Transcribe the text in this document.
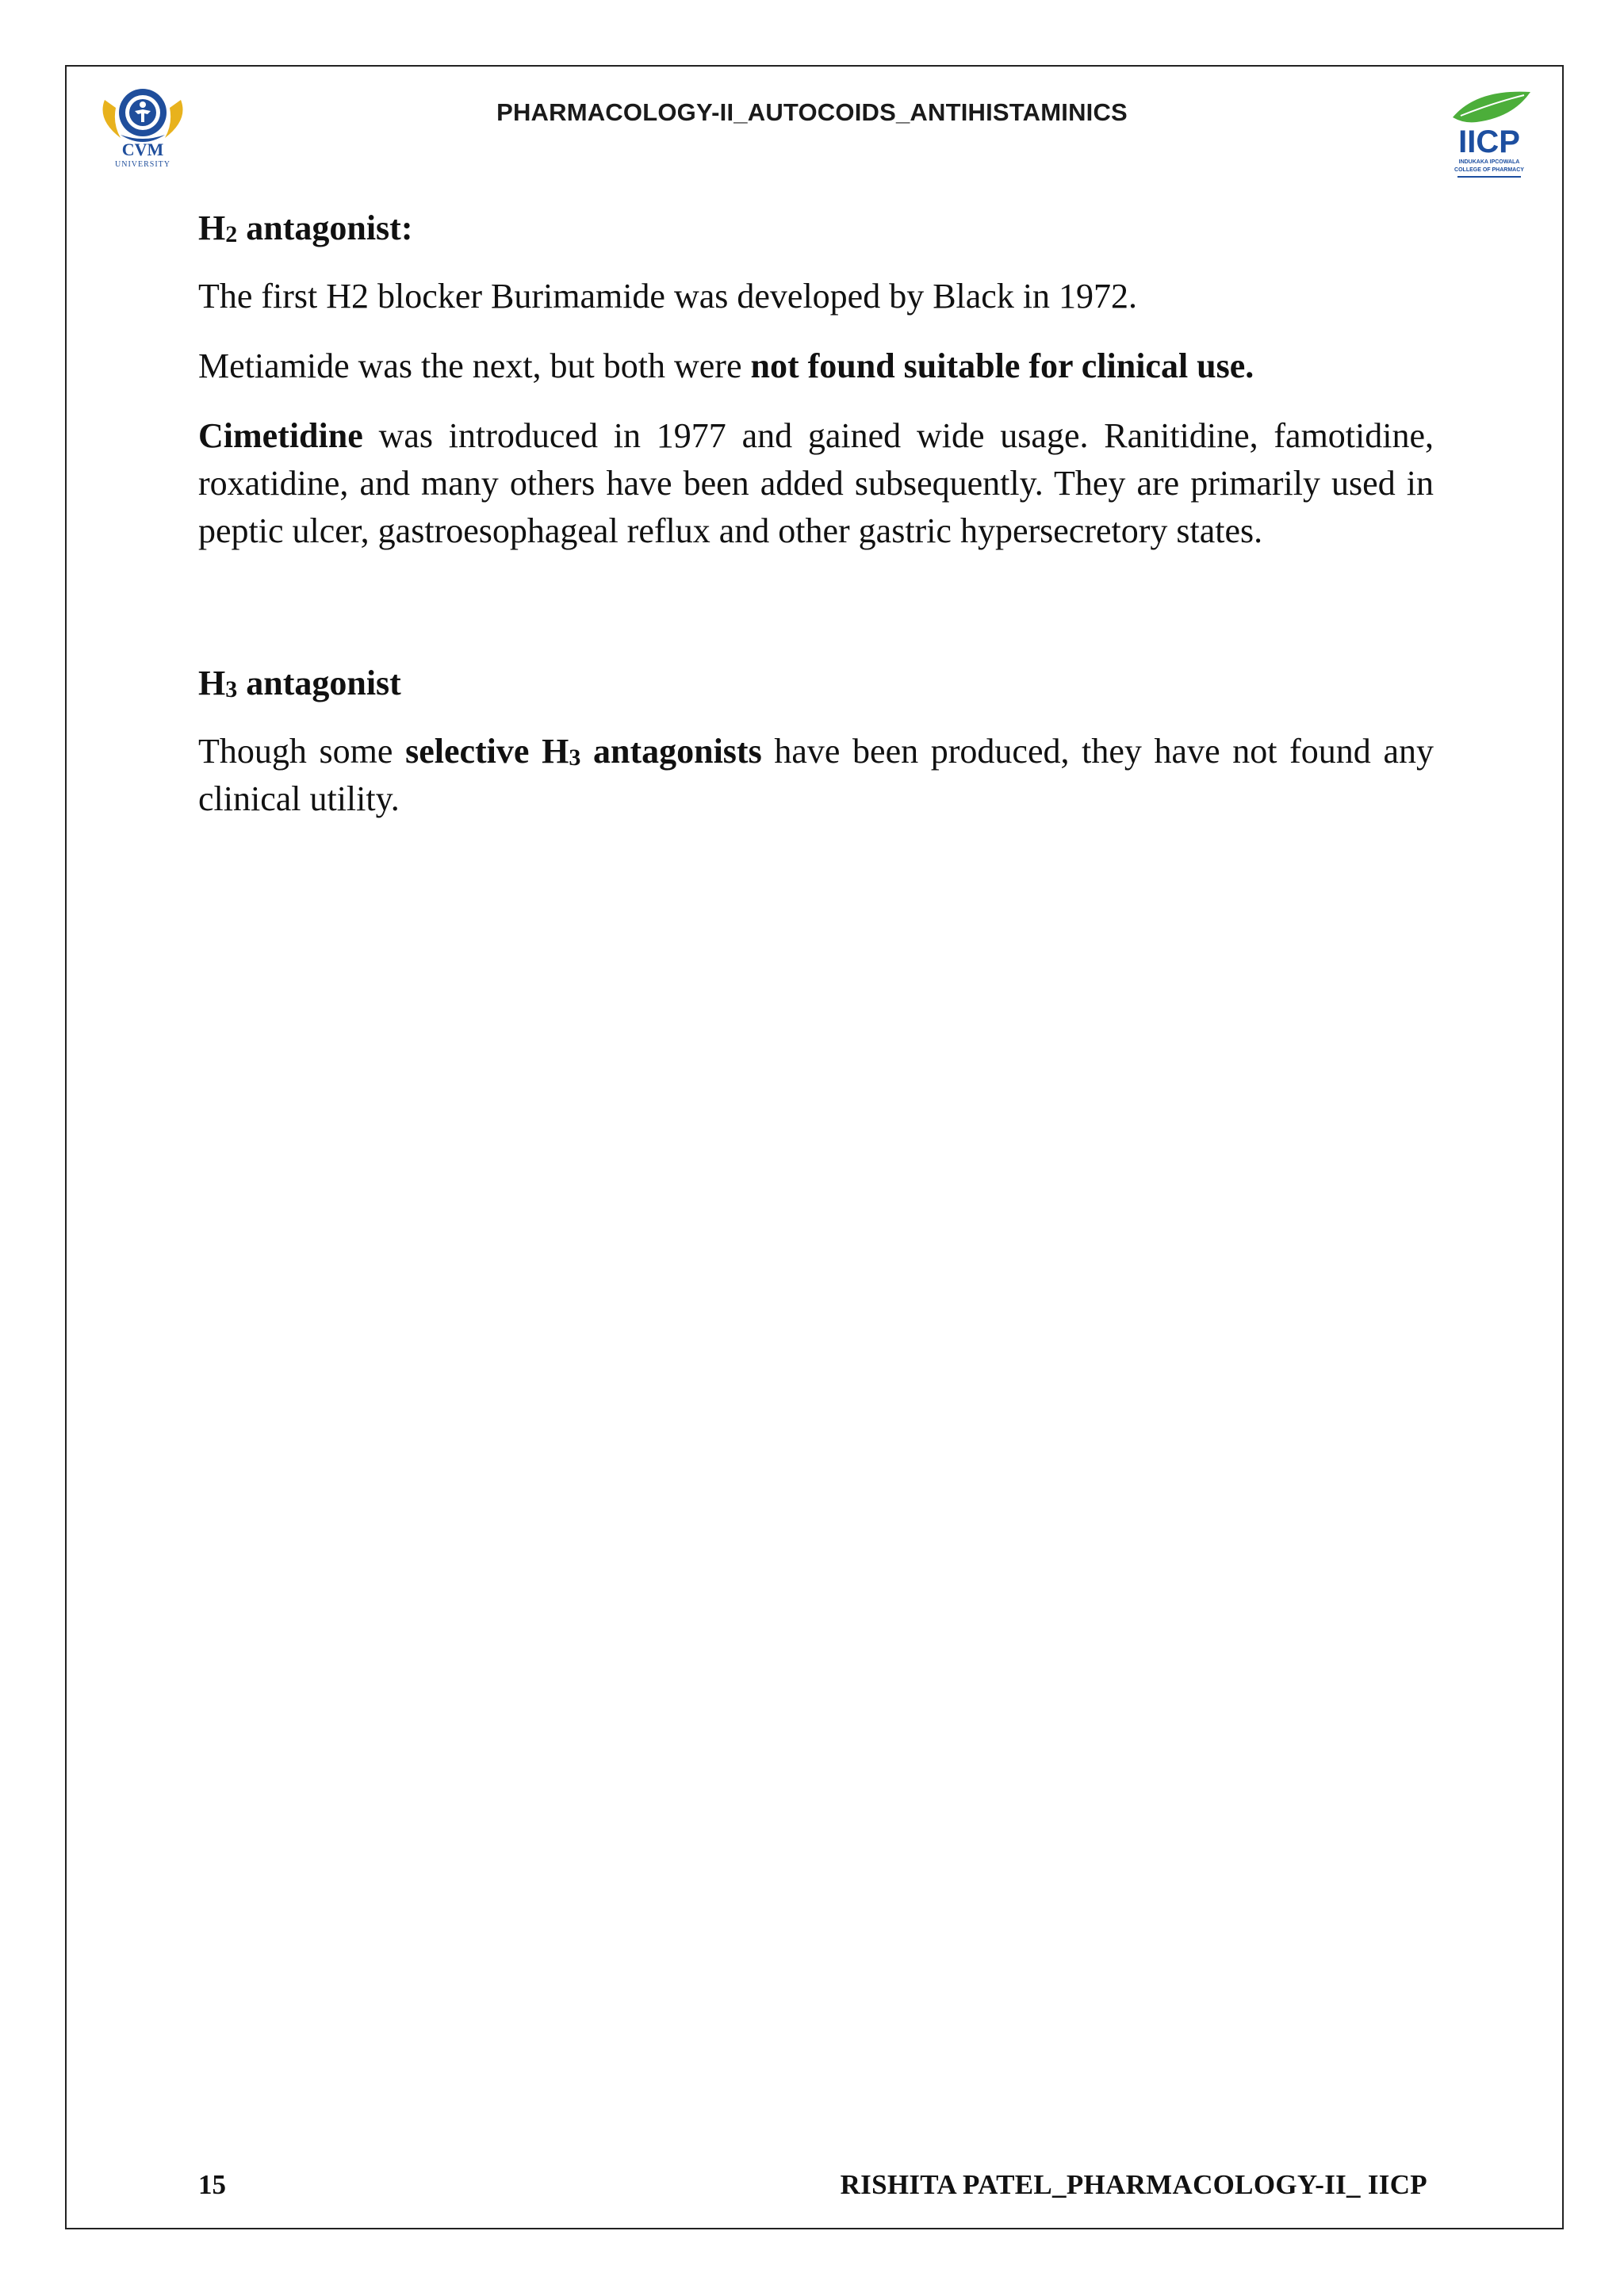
CVM
UNIVERSITY
PHARMACOLOGY-II_AUTOCOIDS_ANTIHISTAMINICS
IICP
INDUKAKA IPCOWALA
COLLEGE OF PHARMACY
$H_2$ antagonist:

The first H2 blocker Burimamide was developed by Black in 1972.

Metiamide was the next, but both were not found suitable for clinical use.

Cimetidine was introduced in 1977 and gained wide usage. Ranitidine, famotidine, roxatidine, and many others have been added subsequently. They are primarily used in peptic ulcer, gastroesophageal reflux and other gastric hypersecretory states.

$H_3$ antagonist

Though some selective $H_3$ antagonists have been produced, they have not found any clinical utility.

15	RISHITA PATEL_PHARMACOLOGY-II_ IICP
